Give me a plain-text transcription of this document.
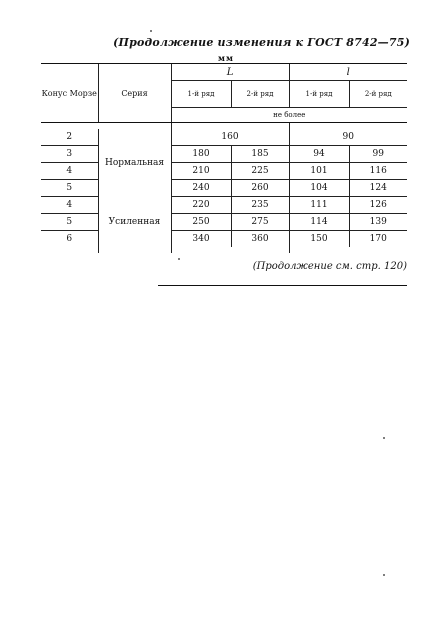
(Продолжение изменения к ГОСТ 8742—75)
мм
Конус Морзе	Серия	L		l	
		1-й ряд	2-й ряд	1-й ряд	2-й ряд
		не более			

2	Нормальная	160		90	
3		180	185	94	99
4		210	225	101	116
5		240	260	104	124
4	Усиленная	220	235	111	126
5		250	275	114	139
6		340	360	150	170

(Продолжение см. стр. 120)
